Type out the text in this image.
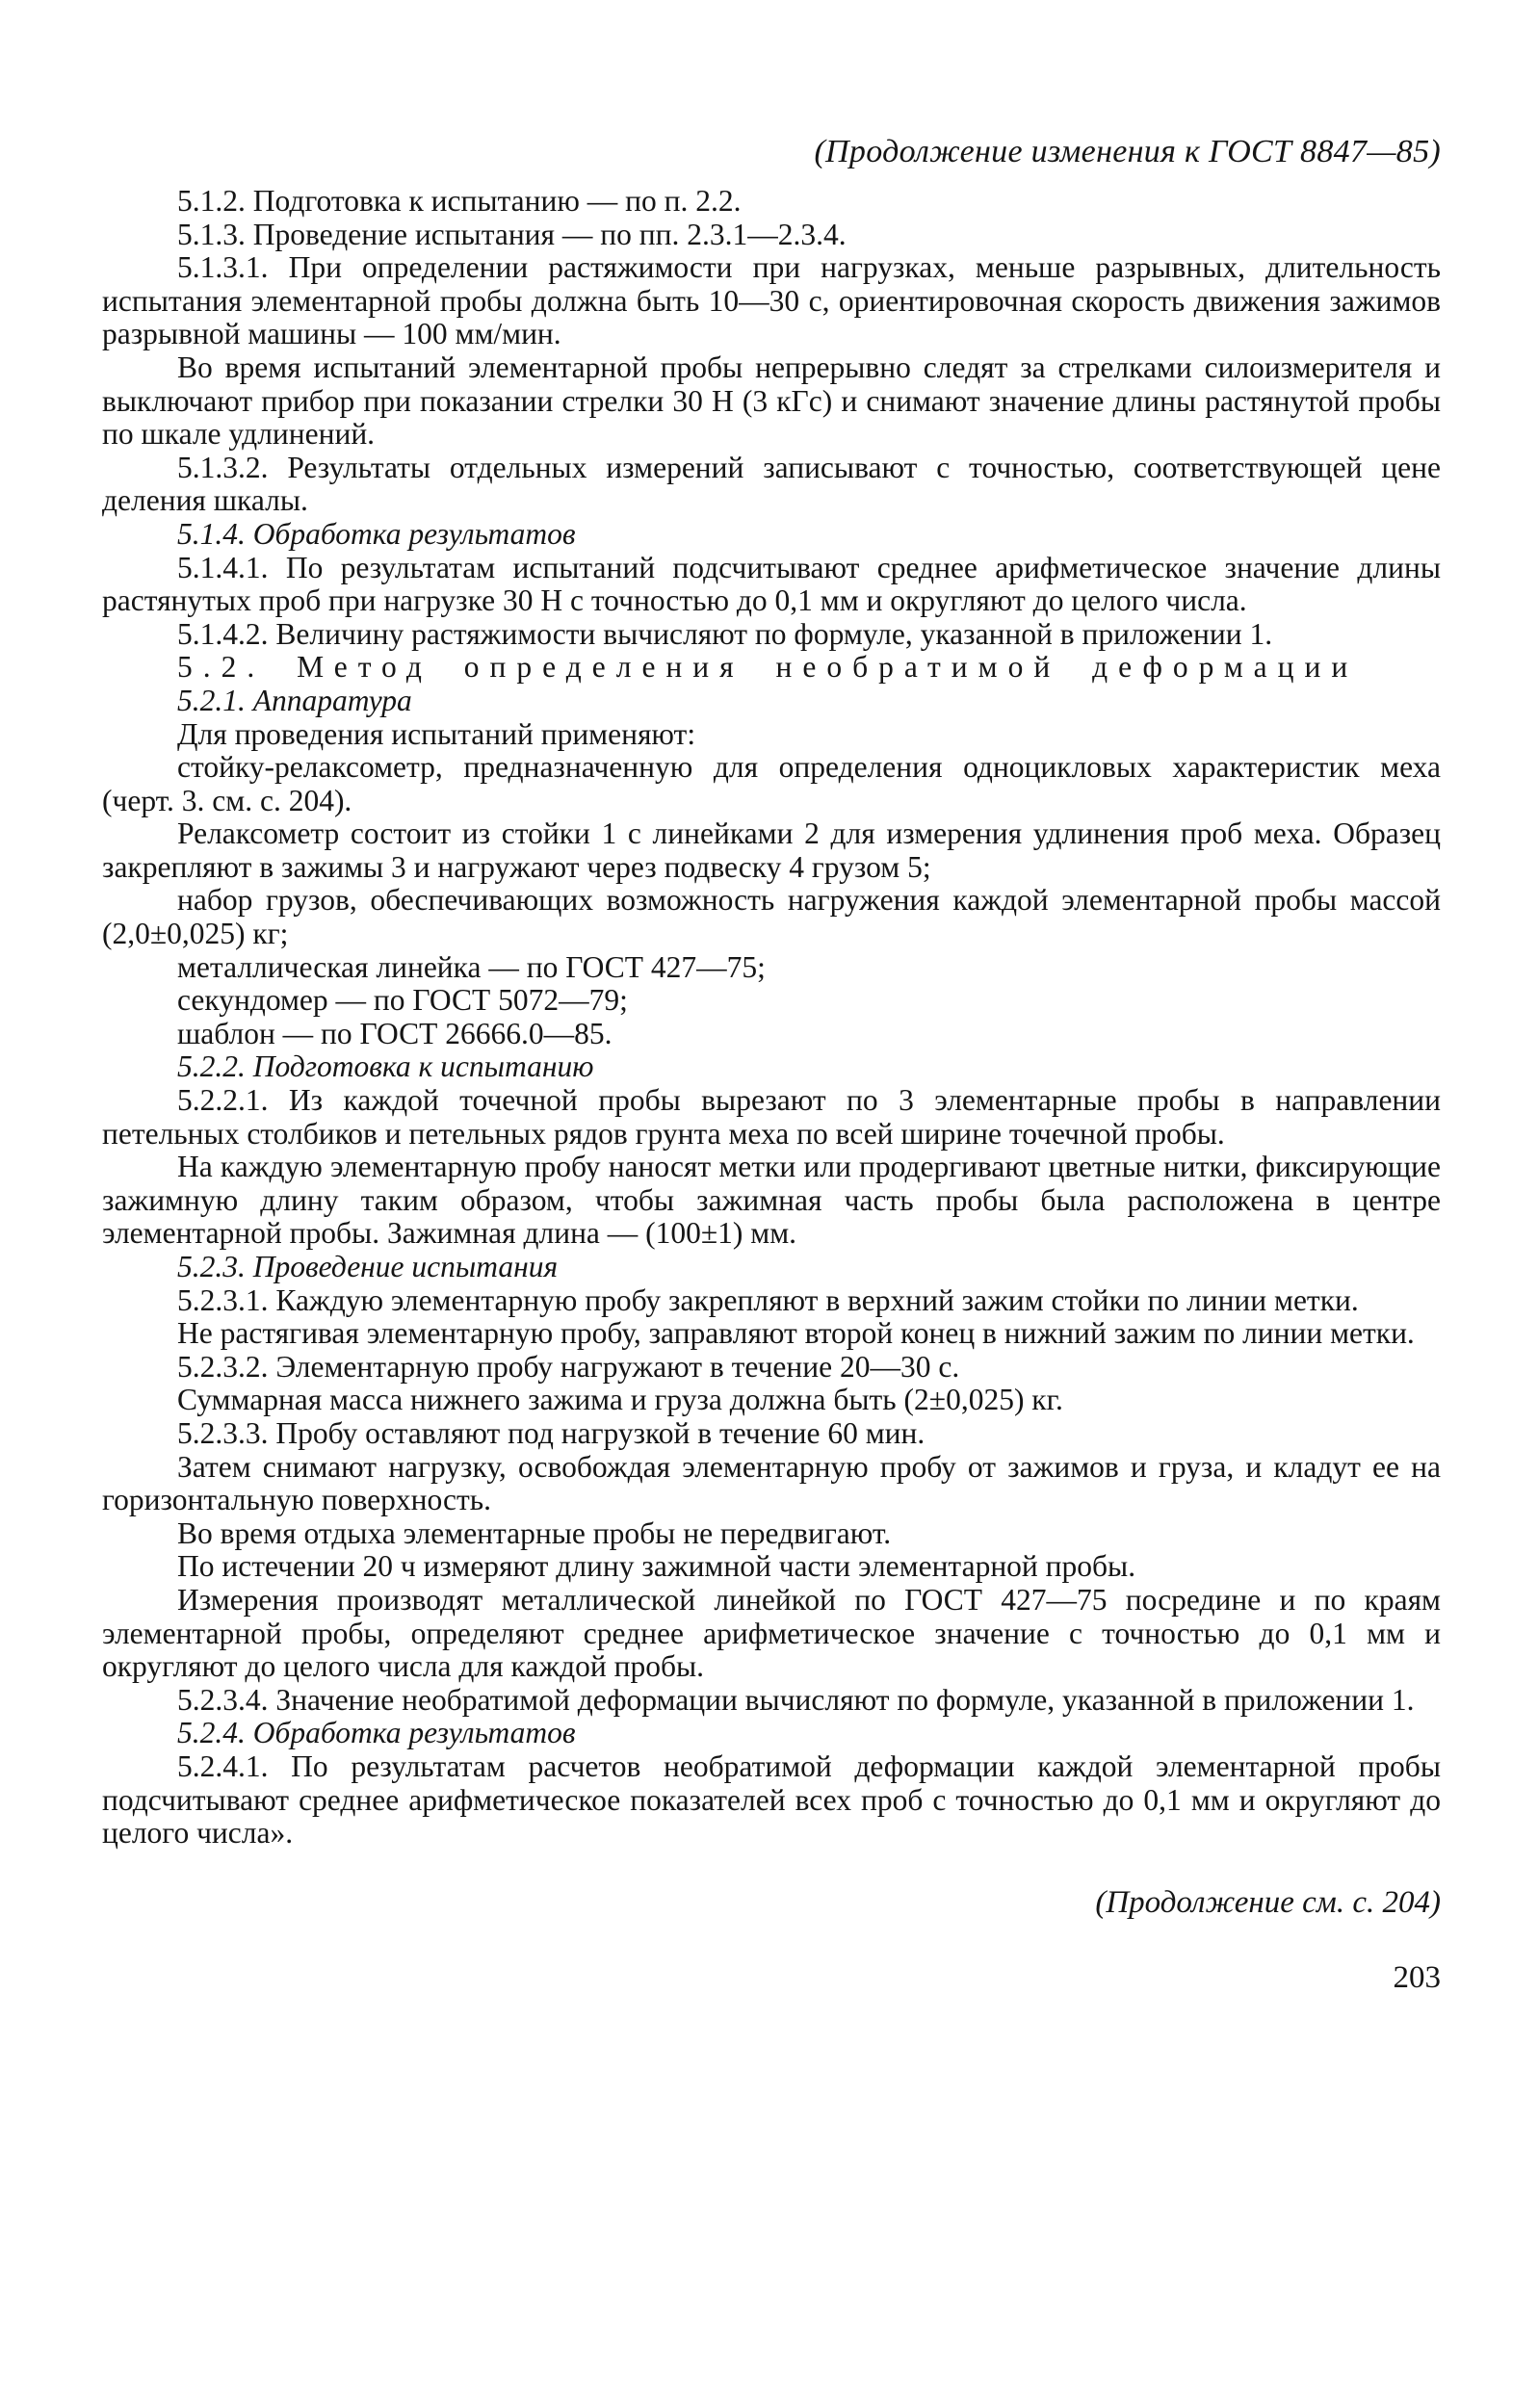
(Продолжение изменения к ГОСТ 8847—85)

5.1.2. Подготовка к испытанию — по п. 2.2.

5.1.3. Проведение испытания — по пп. 2.3.1—2.3.4.

5.1.3.1. При определении растяжимости при нагрузках, меньше разрывных, длительность испытания элементарной пробы должна быть 10—30 с, ориентировочная скорость движения зажимов разрывной машины — 100 мм/мин.

Во время испытаний элементарной пробы непрерывно следят за стрелками силоизмерителя и выключают прибор при показании стрелки 30 Н (3 кГс) и снимают значение длины растянутой пробы по шкале удлинений.

5.1.3.2. Результаты отдельных измерений записывают с точностью, соответствующей цене деления шкалы.

5.1.4. Обработка результатов

5.1.4.1. По результатам испытаний подсчитывают среднее арифметическое значение длины растянутых проб при нагрузке 30 Н с точностью до 0,1 мм и округляют до целого числа.

5.1.4.2. Величину растяжимости вычисляют по формуле, указанной в приложении 1.

5.2. Метод определения необратимой деформации

5.2.1. Аппаратура

Для проведения испытаний применяют:

стойку-релаксометр, предназначенную для определения одноцикловых характеристик меха (черт. 3. см. с. 204).

Релаксометр состоит из стойки 1 с линейками 2 для измерения удлинения проб меха. Образец закрепляют в зажимы 3 и нагружают через подвеску 4 грузом 5;

набор грузов, обеспечивающих возможность нагружения каждой элементарной пробы массой (2,0±0,025) кг;

металлическая линейка — по ГОСТ 427—75;

секундомер — по ГОСТ 5072—79;

шаблон — по ГОСТ 26666.0—85.

5.2.2. Подготовка к испытанию

5.2.2.1. Из каждой точечной пробы вырезают по 3 элементарные пробы в направлении петельных столбиков и петельных рядов грунта меха по всей ширине точечной пробы.

На каждую элементарную пробу наносят метки или продергивают цветные нитки, фиксирующие зажимную длину таким образом, чтобы зажимная часть пробы была расположена в центре элементарной пробы. Зажимная длина — (100±1) мм.

5.2.3. Проведение испытания

5.2.3.1. Каждую элементарную пробу закрепляют в верхний зажим стойки по линии метки.

Не растягивая элементарную пробу, заправляют второй конец в нижний зажим по линии метки.

5.2.3.2. Элементарную пробу нагружают в течение 20—30 с.

Суммарная масса нижнего зажима и груза должна быть (2±0,025) кг.

5.2.3.3. Пробу оставляют под нагрузкой в течение 60 мин.

Затем снимают нагрузку, освобождая элементарную пробу от зажимов и груза, и кладут ее на горизонтальную поверхность.

Во время отдыха элементарные пробы не передвигают.

По истечении 20 ч измеряют длину зажимной части элементарной пробы.

Измерения производят металлической линейкой по ГОСТ 427—75 посредине и по краям элементарной пробы, определяют среднее арифметическое значение с точностью до 0,1 мм и округляют до целого числа для каждой пробы.

5.2.3.4. Значение необратимой деформации вычисляют по формуле, указанной в приложении 1.

5.2.4. Обработка результатов

5.2.4.1. По результатам расчетов необратимой деформации каждой элементарной пробы подсчитывают среднее арифметическое показателей всех проб с точностью до 0,1 мм и округляют до целого числа».

(Продолжение см. с. 204)
203
